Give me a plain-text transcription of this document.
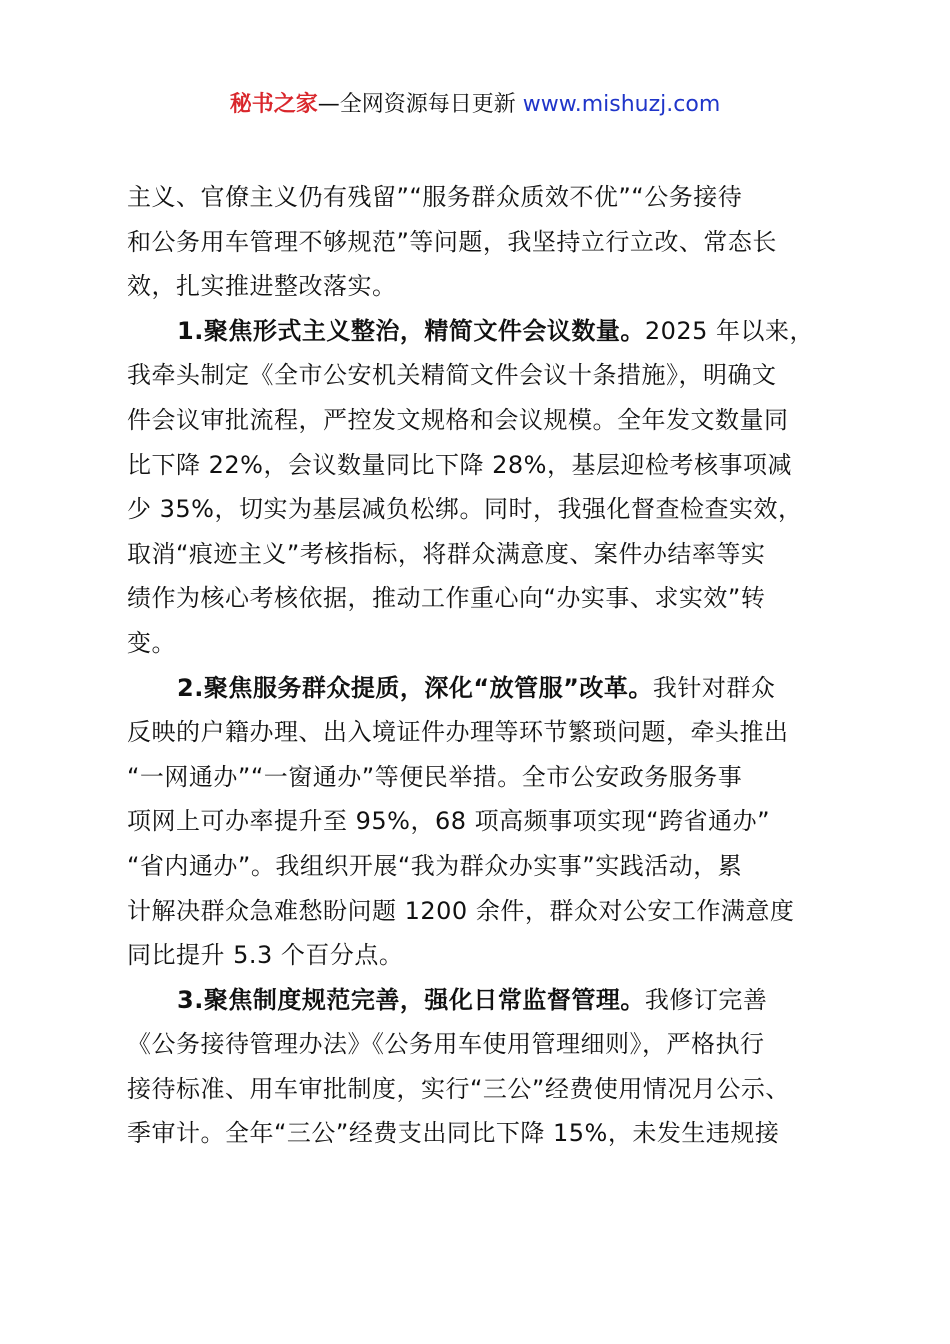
秘书之家—全网资源每日更新 www.mishuzj.com
主义、官僚主义仍有残留”“服务群众质效不优”“公务接待
和公务用车管理不够规范”等问题，我坚持立行立改、常态长
效，扎实推进整改落实。
1.聚焦形式主义整治，精简文件会议数量。2025 年以来，
我牵头制定《全市公安机关精简文件会议十条措施》，明确文
件会议审批流程，严控发文规格和会议规模。全年发文数量同
比下降 22%，会议数量同比下降 28%，基层迎检考核事项减
少 35%，切实为基层减负松绑。同时，我强化督查检查实效，
取消“痕迹主义”考核指标，将群众满意度、案件办结率等实
绩作为核心考核依据，推动工作重心向“办实事、求实效”转
变。
2.聚焦服务群众提质，深化“放管服”改革。我针对群众
反映的户籍办理、出入境证件办理等环节繁琐问题，牵头推出
“一网通办”“一窗通办”等便民举措。全市公安政务服务事
项网上可办率提升至 95%，68 项高频事项实现“跨省通办”
“省内通办”。我组织开展“我为群众办实事”实践活动，累
计解决群众急难愁盼问题 1200 余件，群众对公安工作满意度
同比提升 5.3 个百分点。
3.聚焦制度规范完善，强化日常监督管理。我修订完善
《公务接待管理办法》《公务用车使用管理细则》，严格执行
接待标准、用车审批制度，实行“三公”经费使用情况月公示、
季审计。全年“三公”经费支出同比下降 15%，未发生违规接
